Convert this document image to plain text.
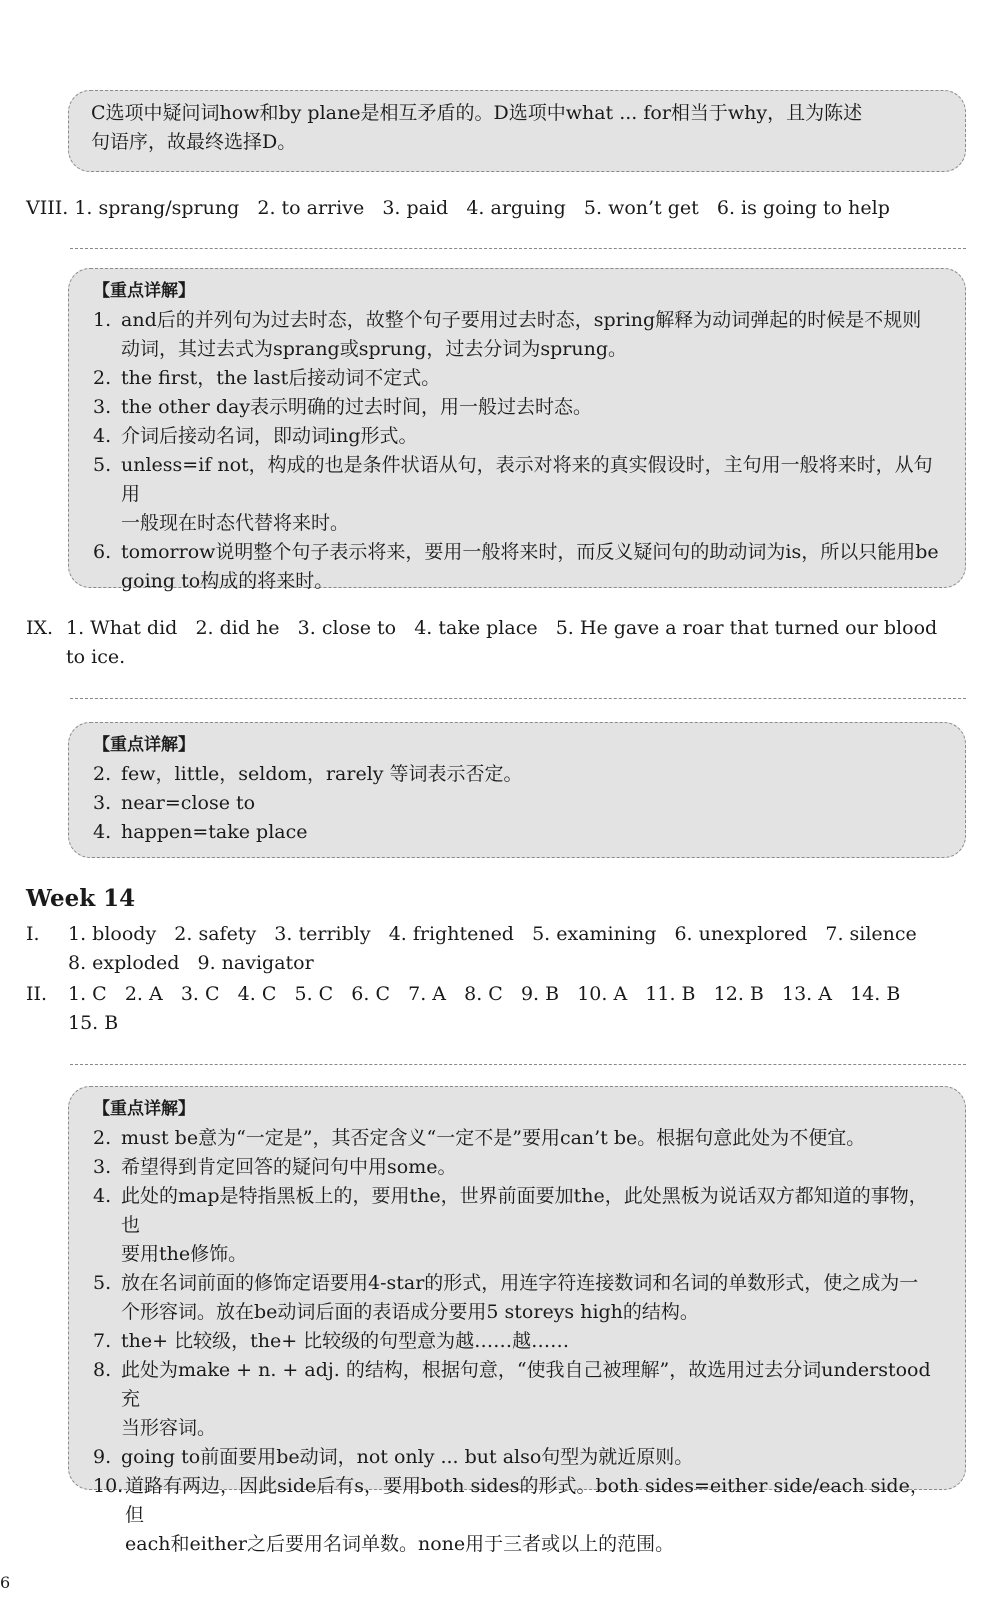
C选项中疑问词how和by plane是相互矛盾的。D选项中what ... for相当于why，且为陈述
句语序，故最终选择D。
VIII. 1. sprang/sprung   2. to arrive   3. paid   4. arguing   5. won’t get   6. is going to help
【重点详解】
1. and后的并列句为过去时态，故整个句子要用过去时态，spring解释为动词弹起的时候是不规则
动词，其过去式为sprang或sprung，过去分词为sprung。
2. the first，the last后接动词不定式。
3. the other day表示明确的过去时间，用一般过去时态。
4. 介词后接动名词，即动词ing形式。
5. unless=if not，构成的也是条件状语从句，表示对将来的真实假设时，主句用一般将来时，从句用
一般现在时态代替将来时。
6. tomorrow说明整个句子表示将来，要用一般将来时，而反义疑问句的助动词为is，所以只能用be
going to构成的将来时。
IX. 1. What did   2. did he   3. close to   4. take place   5. He gave a roar that turned our blood
to ice.
【重点详解】
2. few，little，seldom，rarely 等词表示否定。
3. near=close to
4. happen=take place
Week 14
I.	1. bloody   2. safety   3. terribly   4. frightened   5. examining   6. unexplored   7. silence
8. exploded   9. navigator
II.	1. C   2. A   3. C   4. C   5. C   6. C   7. A   8. C   9. B   10. A   11. B   12. B   13. A   14. B
15. B
【重点详解】
2. must be意为“一定是”，其否定含义“一定不是”要用can’t be。根据句意此处为不便宜。
3. 希望得到肯定回答的疑问句中用some。
4. 此处的map是特指黑板上的，要用the，世界前面要加the，此处黑板为说话双方都知道的事物，也
要用the修饰。
5. 放在名词前面的修饰定语要用4-star的形式，用连字符连接数词和名词的单数形式，使之成为一
个形容词。放在be动词后面的表语成分要用5 storeys high的结构。
7. the+ 比较级，the+ 比较级的句型意为越……越……
8. 此处为make + n. + adj. 的结构，根据句意，“使我自己被理解”，故选用过去分词understood充
当形容词。
9. going to前面要用be动词，not only ... but also句型为就近原则。
10. 道路有两边，因此side后有s，要用both sides的形式。both sides=either side/each side，但
each和either之后要用名词单数。none用于三者或以上的范围。
6
